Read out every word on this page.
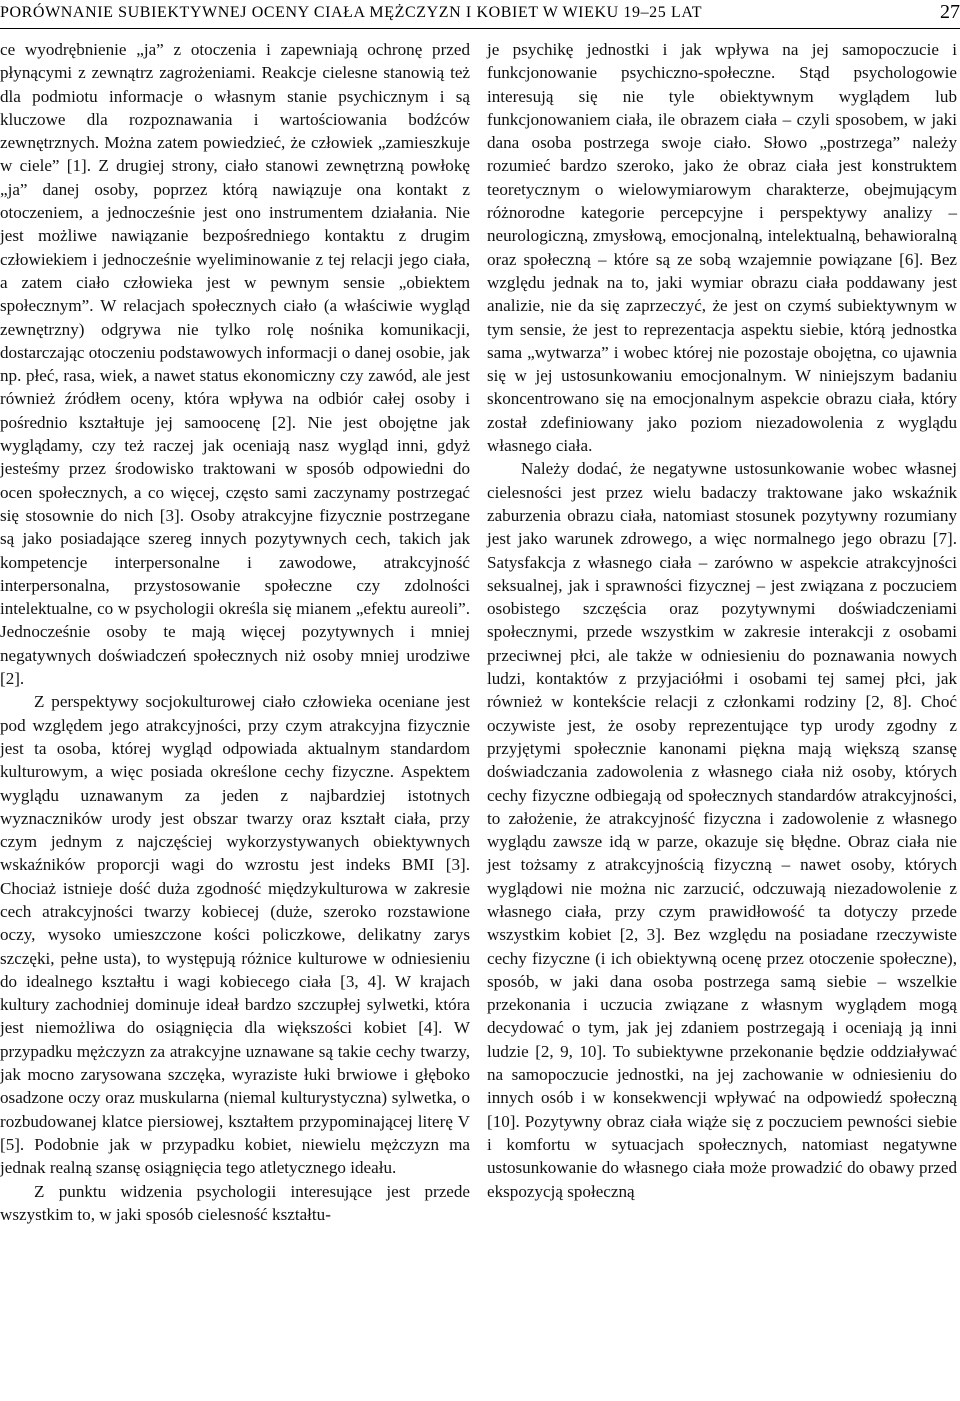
PORÓWNANIE SUBIEKTYWNEJ OCENY CIAŁA MĘŻCZYZN I KOBIET W WIEKU 19–25 LAT	27

ce wyodrębnienie „ja” z otoczenia i zapewniają ochronę przed płynącymi z zewnątrz zagrożeniami. Reakcje cielesne stanowią też dla podmiotu informacje o własnym stanie psychicznym i są kluczowe dla rozpoznawania i wartościowania bodźców zewnętrznych. Można zatem powiedzieć, że człowiek „zamieszkuje w ciele” [1]. Z drugiej strony, ciało stanowi zewnętrzną powłokę „ja” danej osoby, poprzez którą nawiązuje ona kontakt z otoczeniem, a jednocześnie jest ono instrumentem działania. Nie jest możliwe nawiązanie bezpośredniego kontaktu z drugim człowiekiem i jednocześnie wyeliminowanie z tej relacji jego ciała, a zatem ciało człowieka jest w pewnym sensie „obiektem społecznym”. W relacjach społecznych ciało (a właściwie wygląd zewnętrzny) odgrywa nie tylko rolę nośnika komunikacji, dostarczając otoczeniu podstawowych informacji o danej osobie, jak np. płeć, rasa, wiek, a nawet status ekonomiczny czy zawód, ale jest również źródłem oceny, która wpływa na odbiór całej osoby i pośrednio kształtuje jej samoocenę [2]. Nie jest obojętne jak wyglądamy, czy też raczej jak oceniają nasz wygląd inni, gdyż jesteśmy przez środowisko traktowani w sposób odpowiedni do ocen społecznych, a co więcej, często sami zaczynamy postrzegać się stosownie do nich [3]. Osoby atrakcyjne fizycznie postrzegane są jako posiadające szereg innych pozytywnych cech, takich jak kompetencje interpersonalne i zawodowe, atrakcyjność interpersonalna, przystosowanie społeczne czy zdolności intelektualne, co w psychologii określa się mianem „efektu aureoli”. Jednocześnie osoby te mają więcej pozytywnych i mniej negatywnych doświadczeń społecznych niż osoby mniej urodziwe [2].

Z perspektywy socjokulturowej ciało człowieka oceniane jest pod względem jego atrakcyjności, przy czym atrakcyjna fizycznie jest ta osoba, której wygląd odpowiada aktualnym standardom kulturowym, a więc posiada określone cechy fizyczne. Aspektem wyglądu uznawanym za jeden z najbardziej istotnych wyznaczników urody jest obszar twarzy oraz kształt ciała, przy czym jednym z najczęściej wykorzystywanych obiektywnych wskaźników proporcji wagi do wzrostu jest indeks BMI [3]. Chociaż istnieje dość duża zgodność międzykulturowa w zakresie cech atrakcyjności twarzy kobiecej (duże, szeroko rozstawione oczy, wysoko umieszczone kości policzkowe, delikatny zarys szczęki, pełne usta), to występują różnice kulturowe w odniesieniu do idealnego kształtu i wagi kobiecego ciała [3, 4]. W krajach kultury zachodniej dominuje ideał bardzo szczupłej sylwetki, która jest niemożliwa do osiągnięcia dla większości kobiet [4]. W przypadku mężczyzn za atrakcyjne uznawane są takie cechy twarzy, jak mocno zarysowana szczęka, wyraziste łuki brwiowe i głęboko osadzone oczy oraz muskularna (niemal kulturystyczna) sylwetka, o rozbudowanej klatce piersiowej, kształtem przypominającej literę V [5]. Podobnie jak w przypadku kobiet, niewielu mężczyzn ma jednak realną szansę osiągnięcia tego atletycznego ideału.

Z punktu widzenia psychologii interesujące jest przede wszystkim to, w jaki sposób cielesność kształtu-

je psychikę jednostki i jak wpływa na jej samopoczucie i funkcjonowanie psychiczno-społeczne. Stąd psychologowie interesują się nie tyle obiektywnym wyglądem lub funkcjonowaniem ciała, ile obrazem ciała – czyli sposobem, w jaki dana osoba postrzega swoje ciało. Słowo „postrzega” należy rozumieć bardzo szeroko, jako że obraz ciała jest konstruktem teoretycznym o wielowymiarowym charakterze, obejmującym różnorodne kategorie percepcyjne i perspektywy analizy – neurologiczną, zmysłową, emocjonalną, intelektualną, behawioralną oraz społeczną – które są ze sobą wzajemnie powiązane [6]. Bez względu jednak na to, jaki wymiar obrazu ciała poddawany jest analizie, nie da się zaprzeczyć, że jest on czymś subiektywnym w tym sensie, że jest to reprezentacja aspektu siebie, którą jednostka sama „wytwarza” i wobec której nie pozostaje obojętna, co ujawnia się w jej ustosunkowaniu emocjonalnym. W niniejszym badaniu skoncentrowano się na emocjonalnym aspekcie obrazu ciała, który został zdefiniowany jako poziom niezadowolenia z wyglądu własnego ciała.

Należy dodać, że negatywne ustosunkowanie wobec własnej cielesności jest przez wielu badaczy traktowane jako wskaźnik zaburzenia obrazu ciała, natomiast stosunek pozytywny rozumiany jest jako warunek zdrowego, a więc normalnego jego obrazu [7]. Satysfakcja z własnego ciała – zarówno w aspekcie atrakcyjności seksualnej, jak i sprawności fizycznej – jest związana z poczuciem osobistego szczęścia oraz pozytywnymi doświadczeniami społecznymi, przede wszystkim w zakresie interakcji z osobami przeciwnej płci, ale także w odniesieniu do poznawania nowych ludzi, kontaktów z przyjaciółmi i osobami tej samej płci, jak również w kontekście relacji z członkami rodziny [2, 8]. Choć oczywiste jest, że osoby reprezentujące typ urody zgodny z przyjętymi społecznie kanonami piękna mają większą szansę doświadczania zadowolenia z własnego ciała niż osoby, których cechy fizyczne odbiegają od społecznych standardów atrakcyjności, to założenie, że atrakcyjność fizyczna i zadowolenie z własnego wyglądu zawsze idą w parze, okazuje się błędne. Obraz ciała nie jest tożsamy z atrakcyjnością fizyczną – nawet osoby, których wyglądowi nie można nic zarzucić, odczuwają niezadowolenie z własnego ciała, przy czym prawidłowość ta dotyczy przede wszystkim kobiet [2, 3]. Bez względu na posiadane rzeczywiste cechy fizyczne (i ich obiektywną ocenę przez otoczenie społeczne), sposób, w jaki dana osoba postrzega samą siebie – wszelkie przekonania i uczucia związane z własnym wyglądem mogą decydować o tym, jak jej zdaniem postrzegają i oceniają ją inni ludzie [2, 9, 10]. To subiektywne przekonanie będzie oddziaływać na samopoczucie jednostki, na jej zachowanie w odniesieniu do innych osób i w konsekwencji wpływać na odpowiedź społeczną [10]. Pozytywny obraz ciała wiąże się z poczuciem pewności siebie i komfortu w sytuacjach społecznych, natomiast negatywne ustosunkowanie do własnego ciała może prowadzić do obawy przed ekspozycją społeczną
